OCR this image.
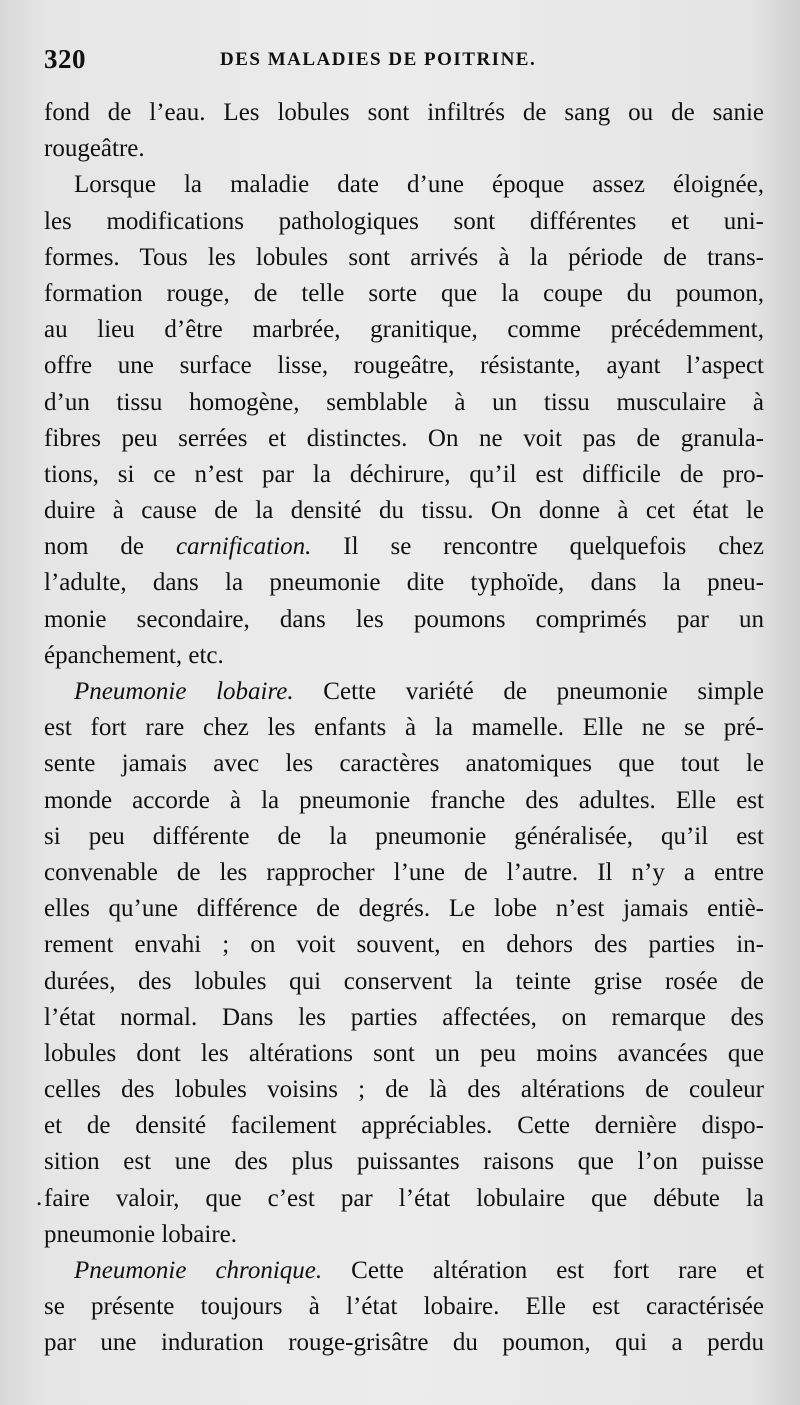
320	DES MALADIES DE POITRINE.
.
fond de l’eau. Les lobules sont infiltrés de sang ou de sanie
rougeâtre.
Lorsque la maladie date d’une époque assez éloignée,
les modifications pathologiques sont différentes et uni-
formes. Tous les lobules sont arrivés à la période de trans-
formation rouge, de telle sorte que la coupe du poumon,
au lieu d’être marbrée, granitique, comme précédemment,
offre une surface lisse, rougeâtre, résistante, ayant l’aspect
d’un tissu homogène, semblable à un tissu musculaire à
fibres peu serrées et distinctes. On ne voit pas de granula-
tions, si ce n’est par la déchirure, qu’il est difficile de pro-
duire à cause de la densité du tissu. On donne à cet état le
nom de carnification. Il se rencontre quelquefois chez
l’adulte, dans la pneumonie dite typhoïde, dans la pneu-
monie secondaire, dans les poumons comprimés par un
épanchement, etc.
Pneumonie lobaire. Cette variété de pneumonie simple
est fort rare chez les enfants à la mamelle. Elle ne se pré-
sente jamais avec les caractères anatomiques que tout le
monde accorde à la pneumonie franche des adultes. Elle est
si peu différente de la pneumonie généralisée, qu’il est
convenable de les rapprocher l’une de l’autre. Il n’y a entre
elles qu’une différence de degrés. Le lobe n’est jamais entiè-
rement envahi ; on voit souvent, en dehors des parties in-
durées, des lobules qui conservent la teinte grise rosée de
l’état normal. Dans les parties affectées, on remarque des
lobules dont les altérations sont un peu moins avancées que
celles des lobules voisins ; de là des altérations de couleur
et de densité facilement appréciables. Cette dernière dispo-
sition est une des plus puissantes raisons que l’on puisse
faire valoir, que c’est par l’état lobulaire que débute la
pneumonie lobaire.
Pneumonie chronique. Cette altération est fort rare et
se présente toujours à l’état lobaire. Elle est caractérisée
par une induration rouge-grisâtre du poumon, qui a perdu
